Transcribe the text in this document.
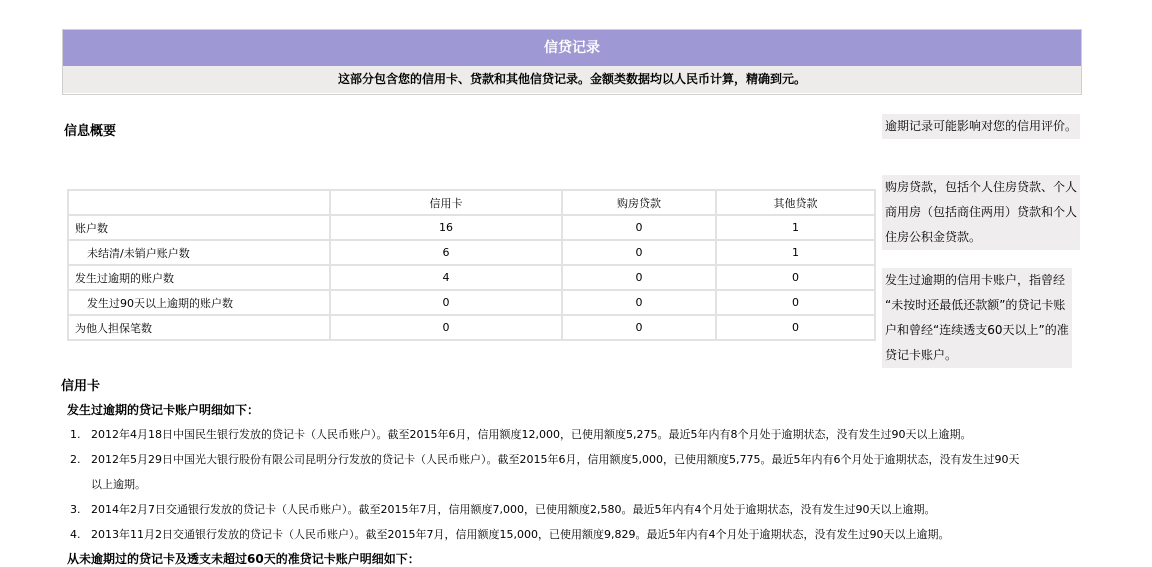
信贷记录
这部分包含您的信用卡、贷款和其他信贷记录。金额类数据均以人民币计算，精确到元。
信息概要	逾期记录可能影响对您的信用评价。
购房贷款，包括个人住房贷款、个人
商用房（包括商住两用）贷款和个人
住房公积金贷款。
发生过逾期的信用卡账户，指曾经
“未按时还最低还款额”的贷记卡账
户和曾经“连续透支60天以上”的准
贷记卡账户。
	信用卡	购房贷款	其他贷款
账户数	16	0	1
未结清/未销户账户数	6	0	1
发生过逾期的账户数	4	0	0
发生过90天以上逾期的账户数	0	0	0
为他人担保笔数	0	0	0
信用卡
发生过逾期的贷记卡账户明细如下：
1. 2012年4月18日中国民生银行发放的贷记卡（人民币账户）。截至2015年6月，信用额度12,000，已使用额度5,275。最近5年内有8个月处于逾期状态，没有发生过90天以上逾期。
2. 2012年5月29日中国光大银行股份有限公司昆明分行发放的贷记卡（人民币账户）。截至2015年6月，信用额度5,000，已使用额度5,775。最近5年内有6个月处于逾期状态，没有发生过90天
以上逾期。
3. 2014年2月7日交通银行发放的贷记卡（人民币账户）。截至2015年7月，信用额度7,000，已使用额度2,580。最近5年内有4个月处于逾期状态，没有发生过90天以上逾期。
4. 2013年11月2日交通银行发放的贷记卡（人民币账户）。截至2015年7月，信用额度15,000，已使用额度9,829。最近5年内有4个月处于逾期状态，没有发生过90天以上逾期。
从未逾期过的贷记卡及透支未超过60天的准贷记卡账户明细如下：
